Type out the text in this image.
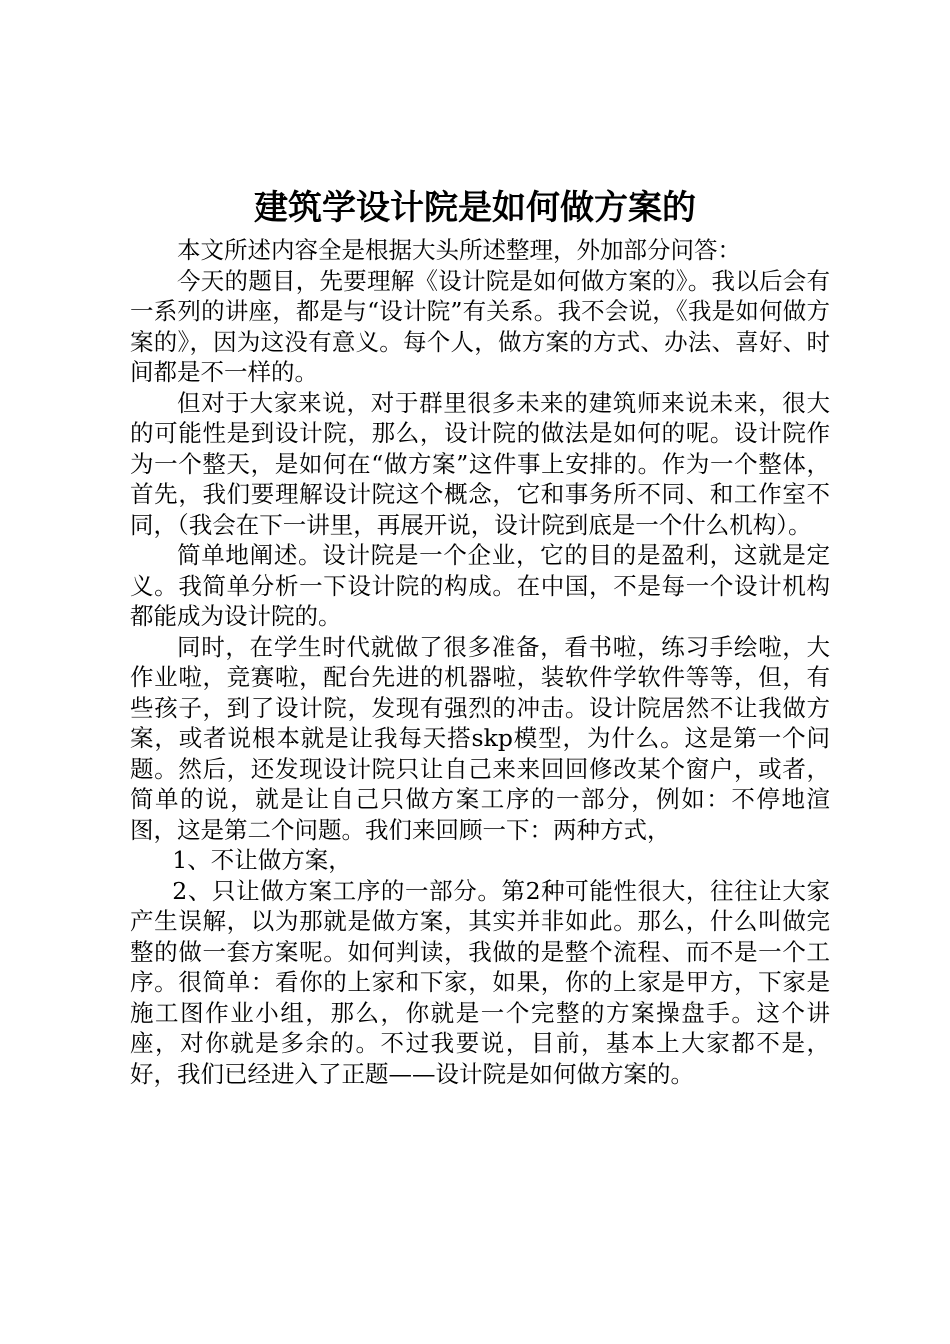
建筑学设计院是如何做方案的

本文所述内容全是根据大头所述整理，外加部分问答：

今天的题目，先要理解《设计院是如何做方案的》。我以后会有一系列的讲座，都是与“设计院”有关系。我不会说，《我是如何做方案的》，因为这没有意义。每个人，做方案的方式、办法、喜好、时间都是不一样的。

但对于大家来说，对于群里很多未来的建筑师来说未来，很大的可能性是到设计院，那么，设计院的做法是如何的呢。设计院作为一个整天，是如何在“做方案”这件事上安排的。作为一个整体，首先，我们要理解设计院这个概念，它和事务所不同、和工作室不同，（我会在下一讲里，再展开说，设计院到底是一个什么机构）。

简单地阐述。设计院是一个企业，它的目的是盈利，这就是定义。我简单分析一下设计院的构成。在中国，不是每一个设计机构都能成为设计院的。

同时，在学生时代就做了很多准备，看书啦，练习手绘啦，大作业啦，竞赛啦，配台先进的机器啦，装软件学软件等等，但，有些孩子，到了设计院，发现有强烈的冲击。设计院居然不让我做方案，或者说根本就是让我每天搭skp模型，为什么。这是第一个问题。然后，还发现设计院只让自己来来回回修改某个窗户，或者，简单的说，就是让自己只做方案工序的一部分，例如：不停地渲图，这是第二个问题。我们来回顾一下：两种方式，

1、不让做方案，

2、只让做方案工序的一部分。第2种可能性很大，往往让大家产生误解，以为那就是做方案，其实并非如此。那么，什么叫做完整的做一套方案呢。如何判读，我做的是整个流程、而不是一个工序。很简单：看你的上家和下家，如果，你的上家是甲方，下家是施工图作业小组，那么，你就是一个完整的方案操盘手。这个讲座，对你就是多余的。不过我要说，目前，基本上大家都不是，好，我们已经进入了正题——设计院是如何做方案的。
